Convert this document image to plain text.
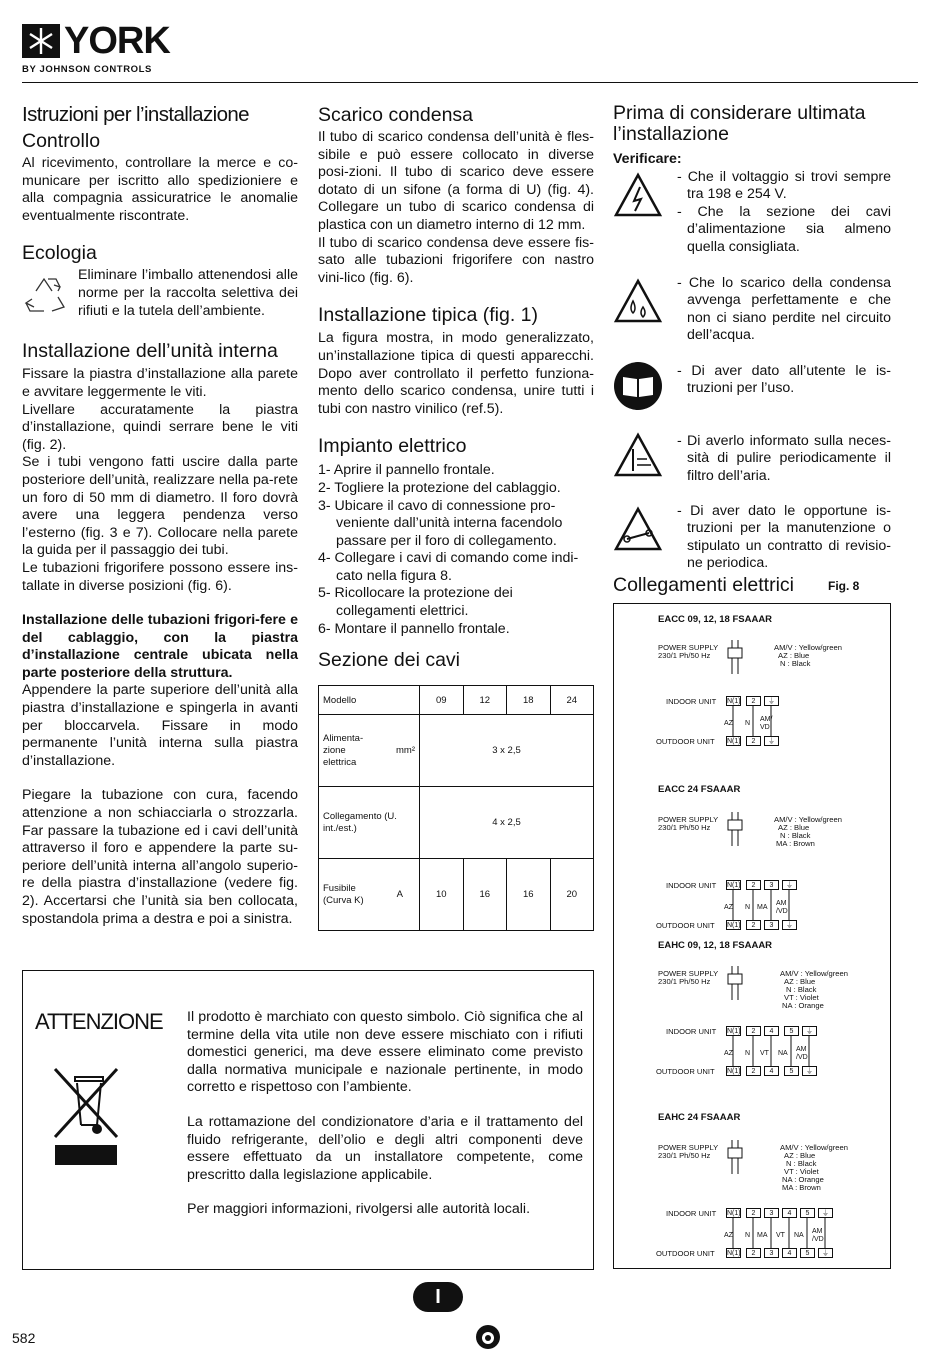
YORK
BY JOHNSON CONTROLS
Istruzioni per l’installazione
Controllo

Al ricevimento, controllare la merce e co-municare per iscritto allo spedizioniere e alla compagnia assicuratrice le anomalie eventualmente riscontrate.

Ecologia

Eliminare l’imballo attenendosi alle norme per la raccolta selettiva dei rifiuti e la tutela dell’ambiente.

Installazione dell’unità interna

Fissare la piastra d’installazione alla parete e avvitare leggermente le viti.

Livellare accuratamente la piastra d’installazione, quindi serrare bene le viti (fig. 2).

Se i tubi vengono fatti uscire dalla parte posteriore dell’unità, realizzare nella pa-rete un foro di 50 mm di diametro. Il foro dovrà avere una leggera pendenza verso l’esterno (fig. 3 e 7). Collocare nella parete la guida per il passaggio dei tubi.

Le tubazioni frigorifere possono essere ins-tallate in diverse posizioni (fig. 6).

Installazione delle tubazioni frigori-fere e del cablaggio, con la piastra d’installazione centrale ubicata nella parte posteriore della struttura.

Appendere la parte superiore dell’unità alla piastra d’installazione e spingerla in avanti per bloccarvela. Fissare in modo permanente l’unità interna sulla piastra d’installazione.

Piegare la tubazione con cura, facendo attenzione a non schiacciarla o strozzarla. Far passare la tubazione ed i cavi dell’unità attraverso il foro e appendere la parte su-periore dell’unità interna all’angolo superio-re della piastra d’installazione (vedere fig. 2). Accertarsi che l’unità sia ben collocata, spostandola prima a destra e poi a sinistra.

Scarico condensa

Il tubo di scarico condensa dell’unità è fles-sibile e può essere collocato in diverse posi-zioni. Il tubo di scarico deve essere dotato di un sifone (a forma di U) (fig. 4). Collegare un tubo di scarico condensa di plastica con un diametro interno di 12 mm.

Il tubo di scarico condensa deve essere fis-sato alle tubazioni frigorifere con nastro vini-lico (fig. 6).

Installazione tipica (fig. 1)

La figura mostra, in modo generalizzato, un’installazione tipica di questi apparecchi. Dopo aver controllato il perfetto funziona-mento dello scarico condensa, unire tutti i tubi con nastro vinilico (ref.5).

Impianto elettrico

1- Aprire il pannello frontale.

2- Togliere la protezione del cablaggio.

3- Ubicare il cavo di connessione pro-veniente dall’unità interna facendolo passare per il foro di collegamento.

4- Collegare i cavi di comando come indi-cato nella figura 8.

5- Ricollocare la protezione dei collegamenti elettrici.

6- Montare il pannello frontale.

Sezione dei cavi
Modello	09	12	18	24

Alimenta-zione elettrica
mm²	3 x 2,5			
Collegamento (U. int./est.)	4 x 2,5			

Fusibile (Curva K) A	10	16	16	20
Prima di considerare ultimata l’installazione

Verificare:

- Che il voltaggio si trovi sempre tra 198 e 254 V.

- Che la sezione dei cavi d’alimentazione sia almeno quella consigliata.

- Che lo scarico della condensa avvenga perfettamente e che non ci siano perdite nel circuito dell’acqua.

- Di aver dato all’utente le is-truzioni per l’uso.

- Di averlo informato sulla neces-sità di pulire periodicamente il filtro dell’aria.

- Di aver dato le opportune is-truzioni per la manutenzione o stipulato un contratto di revisio-ne periodica.

Collegamenti elettrici	Fig. 8
EACC 09, 12, 18 FSAAAR
POWER SUPPLY
230/1 Ph/50 Hz
AM/V : Yellow/green
AZ : Blue
N : Black
INDOOR UNIT
OUTDOOR UNIT
N(1)	2	⏚
N(1)	2	⏚
AZ N
AM/
VD
EACC 24 FSAAAR
POWER SUPPLY
230/1 Ph/50 Hz
AM/V : Yellow/green
AZ : Blue
N : Black
MA : Brown
INDOOR UNIT
OUTDOOR UNIT
N(1)	2	3	⏚
N(1)	2	3	⏚
AZ N MA
AM
/VD
EAHC 09, 12, 18 FSAAAR
POWER SUPPLY
230/1 Ph/50 Hz
AM/V : Yellow/green
AZ : Blue
N : Black
VT : Violet
NA : Orange
INDOOR UNIT
OUTDOOR UNIT
N(1)	2	4	5	⏚
N(1)	2	4	5	⏚
AZ N VT NA
AM
/VD
EAHC 24 FSAAAR
POWER SUPPLY
230/1 Ph/50 Hz
AM/V : Yellow/green
AZ : Blue
N : Black
VT : Violet
NA : Orange
MA : Brown
INDOOR UNIT
OUTDOOR UNIT
N(1)	2	3	4	5	⏚
N(1)	2	3	4	5	⏚
AZ N MA VT NA
AM
/VD
ATTENZIONE Il prodotto è marchiato con questo simbolo. Ciò significa che al termine della vita utile non deve essere mischiato con i rifiuti domestici generici, ma deve essere eliminato come previsto dalla normativa municipale e nazionale pertinente, in modo corretto e rispettoso con l’ambiente.

La rottamazione del condizionatore d’aria e il trattamento del fluido refrigerante, dell’olio e degli altri componenti deve essere effettuato da un installatore competente, come prescritto dalla legislazione applicabile.

Per maggiori informazioni, rivolgersi alle autorità locali.

I
582
